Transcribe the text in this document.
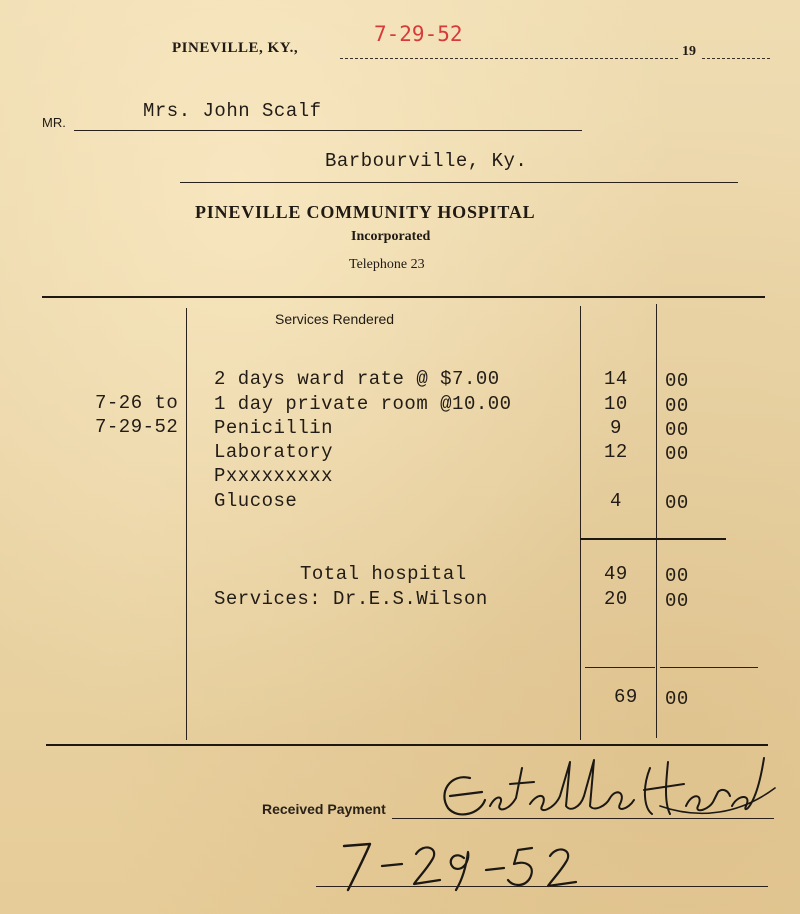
PINEVILLE, KY.,
7-29-52
19
MR.
Mrs. John Scalf
Barbourville, Ky.
PINEVILLE COMMUNITY HOSPITAL
Incorporated
Telephone 23
Services Rendered
7-26 to
7-29-52
2 days ward rate @ $7.00	14 00
1 day private room @10.00	10 00
Penicillin	9 00
Laboratory	12 00
Pxxxxxxxxx
Glucose	4 00
Total hospital	49 00
Services: Dr.E.S.Wilson	20 00
69 00
Received Payment
